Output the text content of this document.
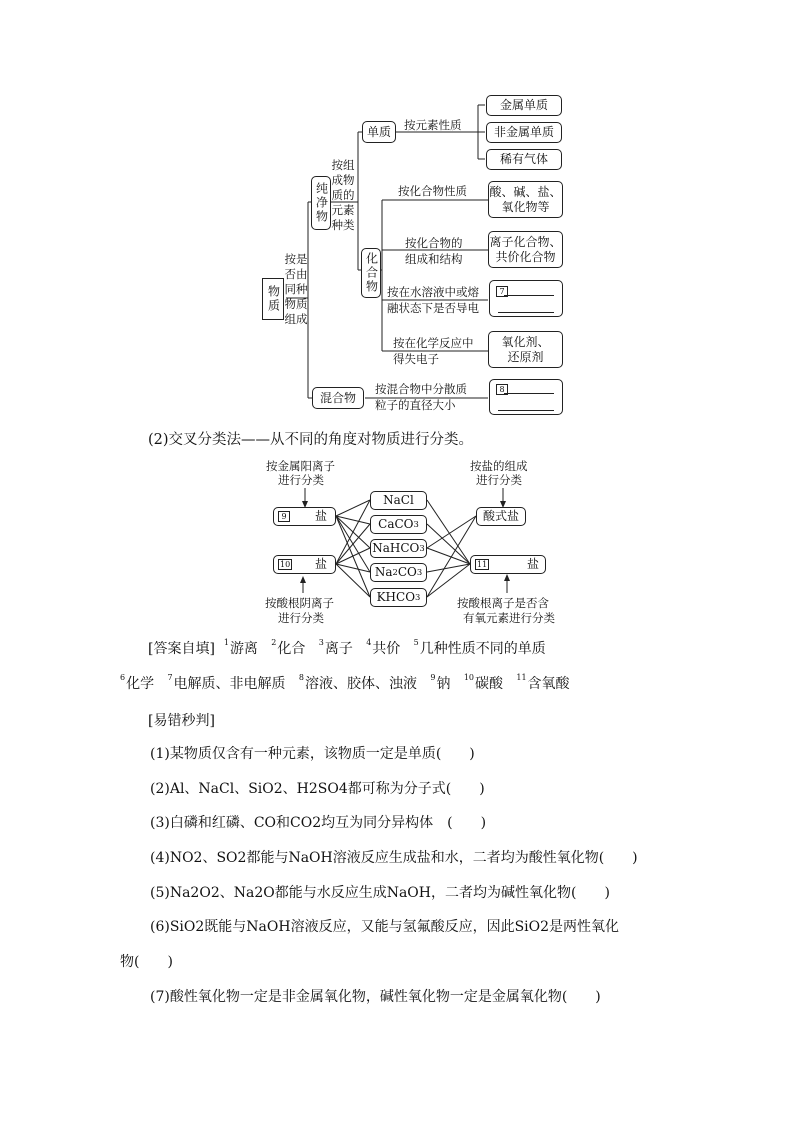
物质
按是否由同种物质组成
纯净物
按组成物质的元素种类
混合物
按混合物中分散质
粒子的直径大小
8
单质	按元素性质
金属单质
非金属单质
稀有气体
化合物
按化合物性质 酸、碱、盐、
氧化物等
按化合物的
组成和结构
离子化合物、
共价化合物
按在水溶液中或熔
融状态下是否导电
7
按在化学反应中
得失电子
氧化剂、
还原剂
(2)交叉分类法——从不同的角度对物质进行分类。
按金属阳离子
进行分类
按盐的组成
进行分类
9 盐
10 盐
酸式盐
11	盐
NaCl
CaCO 3
NaHCO 3
Na 2 CO 3
KHCO 3
按酸根阴离子
进行分类
按酸根离子是否含
有氧元素进行分类
[答案自填] 1游离 2化合 3离子 4共价 5几种性质不同的单质
6化学 7电解质、非电解质 8溶液、胶体、浊液 9钠 10碳酸 11含氧酸
[易错秒判]
(1)某物质仅含有一种元素，该物质一定是单质(　　)
(2)Al、NaCl、SiO2、H2SO4都可称为分子式(　　)
(3)白磷和红磷、CO和CO2均互为同分异构体　(　　)
(4)NO2、SO2都能与NaOH溶液反应生成盐和水，二者均为酸性氧化物(　　)
(5)Na2O2、Na2O都能与水反应生成NaOH，二者均为碱性氧化物(　　)
(6)SiO2既能与NaOH溶液反应，又能与氢氟酸反应，因此SiO2是两性氧化
物(　　)
(7)酸性氧化物一定是非金属氧化物，碱性氧化物一定是金属氧化物(　　)
